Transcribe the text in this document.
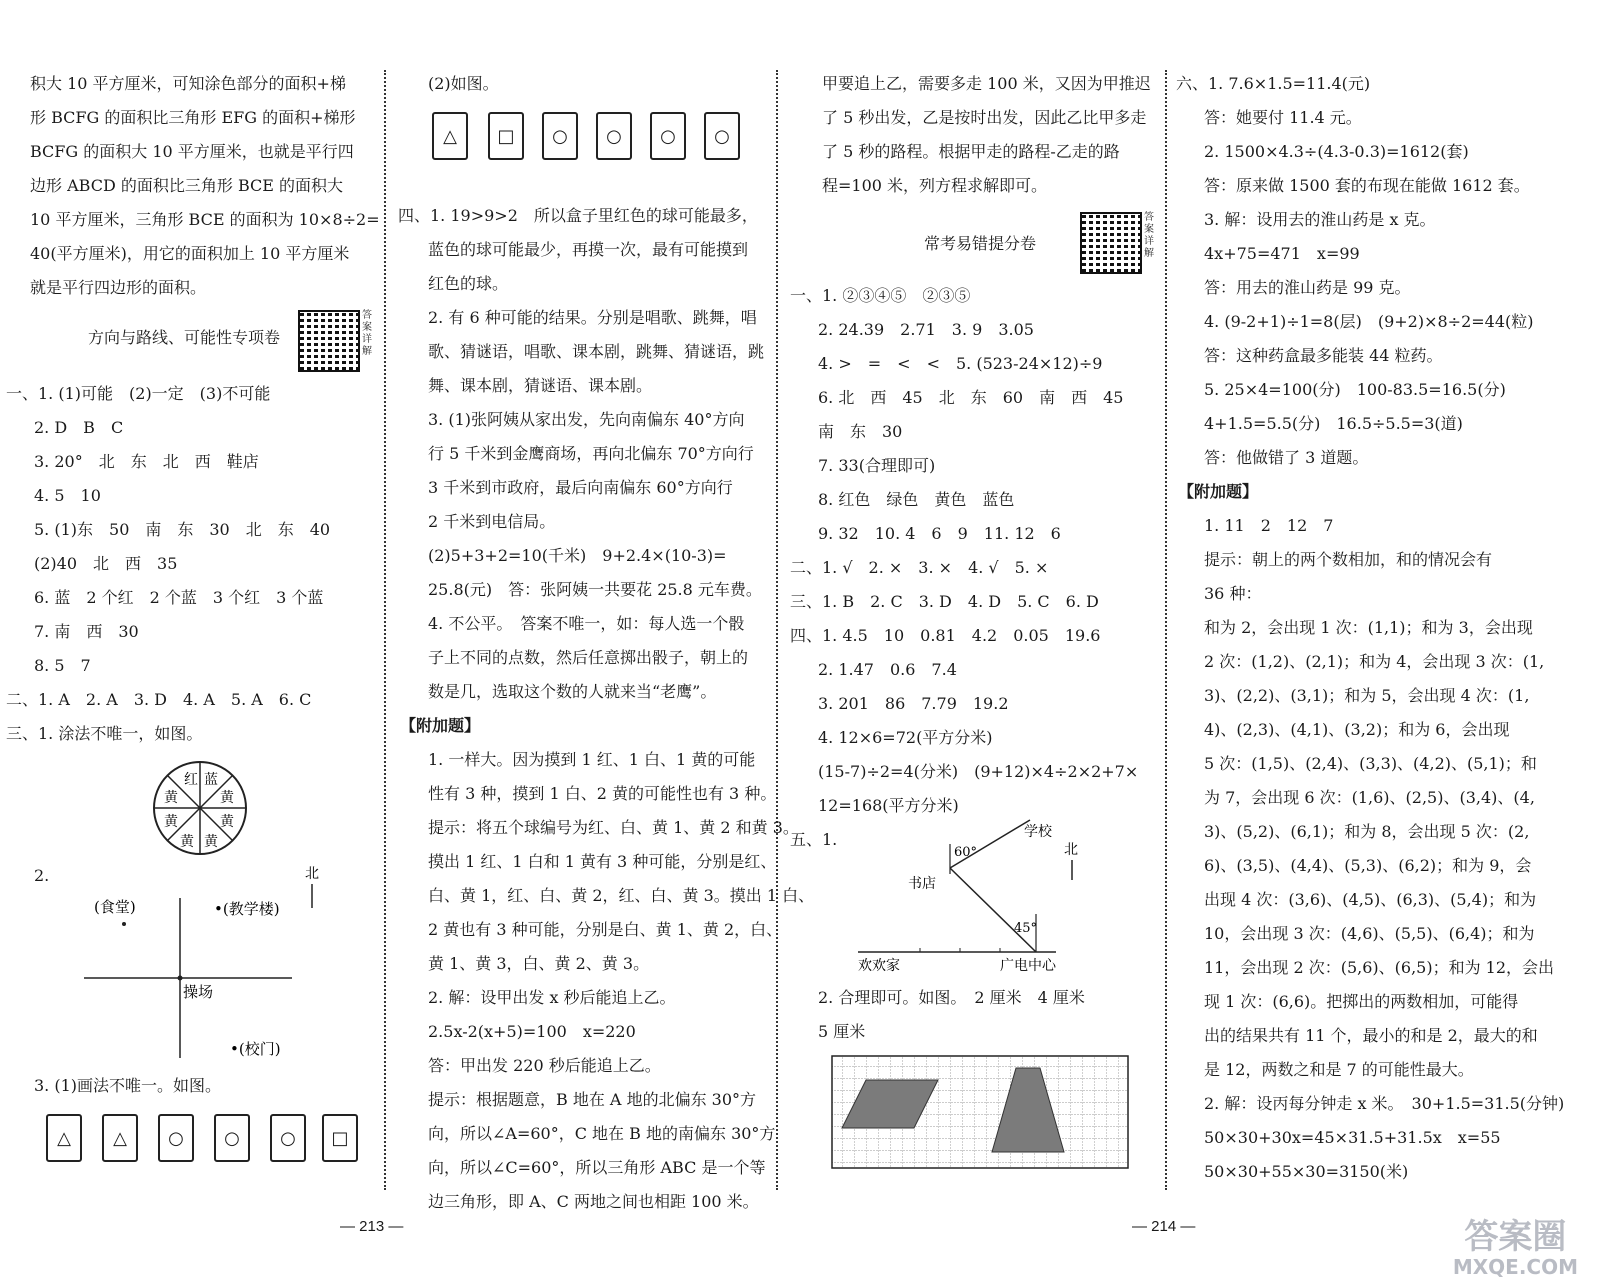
积大 10 平方厘米，可知涂色部分的面积+梯
形 BCFG 的面积比三角形 EFG 的面积+梯形
BCFG 的面积大 10 平方厘米，也就是平行四
边形 ABCD 的面积比三角形 BCE 的面积大
10 平方厘米，三角形 BCE 的面积为 10×8÷2=
40(平方厘米)，用它的面积加上 10 平方厘米
就是平行四边形的面积。
方向与路线、可能性专项卷
答案详解
一、1. (1)可能　(2)一定　(3)不可能
2. D　B　C
3. 20°　北　东　北　西　鞋店
4. 5　10
5. (1)东　50　南　东　30　北　东　40
(2)40　北　西　35
6. 蓝　2 个红　2 个蓝　3 个红　3 个蓝
7. 南　西　30
8. 5　7
二、1. A　2. A　3. D　4. A　5. A　6. C
三、1. 涂法不唯一，如图。
红 蓝
黄
黄
黄
黄
黄
黄
2.	北
(食堂)	•(教学楼)
操场
•(校门)
3. (1)画法不唯一。如图。
△	△	○	○	○	□
(2)如图。
△	□	○	○	○	○
四、1. 19>9>2　所以盒子里红色的球可能最多，
蓝色的球可能最少，再摸一次，最有可能摸到
红色的球。
2. 有 6 种可能的结果。分别是唱歌、跳舞，唱
歌、猜谜语，唱歌、课本剧，跳舞、猜谜语，跳
舞、课本剧，猜谜语、课本剧。
3. (1)张阿姨从家出发，先向南偏东 40°方向
行 5 千米到金鹰商场，再向北偏东 70°方向行
3 千米到市政府，最后向南偏东 60°方向行
2 千米到电信局。
(2)5+3+2=10(千米)　9+2.4×(10-3)=
25.8(元)　答：张阿姨一共要花 25.8 元车费。
4. 不公平。　答案不唯一，如：每人选一个骰
子上不同的点数，然后任意掷出骰子，朝上的
数是几，选取这个数的人就来当“老鹰”。
【附加题】
1. 一样大。因为摸到 1 红、1 白、1 黄的可能
性有 3 种，摸到 1 白、2 黄的可能性也有 3 种。
提示：将五个球编号为红、白、黄 1、黄 2 和黄 3。
摸出 1 红、1 白和 1 黄有 3 种可能，分别是红、
白、黄 1，红、白、黄 2，红、白、黄 3。摸出 1 白、
2 黄也有 3 种可能，分别是白、黄 1、黄 2，白、
黄 1、黄 3，白、黄 2、黄 3。
2. 解：设甲出发 x 秒后能追上乙。
2.5x-2(x+5)=100　x=220
答：甲出发 220 秒后能追上乙。
提示：根据题意，B 地在 A 地的北偏东 30°方
向，所以∠A=60°，C 地在 B 地的南偏东 30°方
向，所以∠C=60°，所以三角形 ABC 是一个等
边三角形，即 A、C 两地之间也相距 100 米。
甲要追上乙，需要多走 100 米，又因为甲推迟
了 5 秒出发，乙是按时出发，因此乙比甲多走
了 5 秒的路程。根据甲走的路程-乙走的路
程=100 米，列方程求解即可。
常考易错提分卷
答案详解
一、1. ②③④⑤　②③⑤
2. 24.39　2.71　3. 9　3.05
4. >　=　<　<　5. (523-24×12)÷9
6. 北　西　45　北　东　60　南　西　45
南　东　30
7. 33(合理即可)
8. 红色　绿色　黄色　蓝色
9. 32　10. 4　6　9　11. 12　6
二、1. √　2. ×　3. ×　4. √　5. ×
三、1. B　2. C　3. D　4. D　5. C　6. D
四、1. 4.5　10　0.81　4.2　0.05　19.6
2. 1.47　0.6　7.4
3. 201　86　7.79　19.2
4. 12×6=72(平方分米)
(15-7)÷2=4(分米)　(9+12)×4÷2×2+7×
12=168(平方分米)
五、1.	学校
北
书店
60°
45°
欢欢家	广电中心
2. 合理即可。如图。　2 厘米　4 厘米
5 厘米
六、1. 7.6×1.5=11.4(元)
答：她要付 11.4 元。
2. 1500×4.3÷(4.3-0.3)=1612(套)
答：原来做 1500 套的布现在能做 1612 套。
3. 解：设用去的淮山药是 x 克。
4x+75=471　x=99
答：用去的淮山药是 99 克。
4. (9-2+1)÷1=8(层)　(9+2)×8÷2=44(粒)
答：这种药盒最多能装 44 粒药。
5. 25×4=100(分)　100-83.5=16.5(分)
4+1.5=5.5(分)　16.5÷5.5=3(道)
答：他做错了 3 道题。
【附加题】
1. 11　2　12　7
提示：朝上的两个数相加，和的情况会有
36 种：
和为 2，会出现 1 次：(1,1)；和为 3，会出现
2 次：(1,2)、(2,1)；和为 4，会出现 3 次：(1,
3)、(2,2)、(3,1)；和为 5，会出现 4 次：(1,
4)、(2,3)、(4,1)、(3,2)；和为 6，会出现
5 次：(1,5)、(2,4)、(3,3)、(4,2)、(5,1)；和
为 7，会出现 6 次：(1,6)、(2,5)、(3,4)、(4,
3)、(5,2)、(6,1)；和为 8，会出现 5 次：(2,
6)、(3,5)、(4,4)、(5,3)、(6,2)；和为 9，会
出现 4 次：(3,6)、(4,5)、(6,3)、(5,4)；和为
10，会出现 3 次：(4,6)、(5,5)、(6,4)；和为
11，会出现 2 次：(5,6)、(6,5)；和为 12，会出
现 1 次：(6,6)。把掷出的两数相加，可能得
出的结果共有 11 个，最小的和是 2，最大的和
是 12，两数之和是 7 的可能性最大。
2. 解：设丙每分钟走 x 米。　30+1.5=31.5(分钟)
50×30+30x=45×31.5+31.5x　x=55
50×30+55×30=3150(米)
— 213 —	— 214 —	答案圈
MXQE.COM
